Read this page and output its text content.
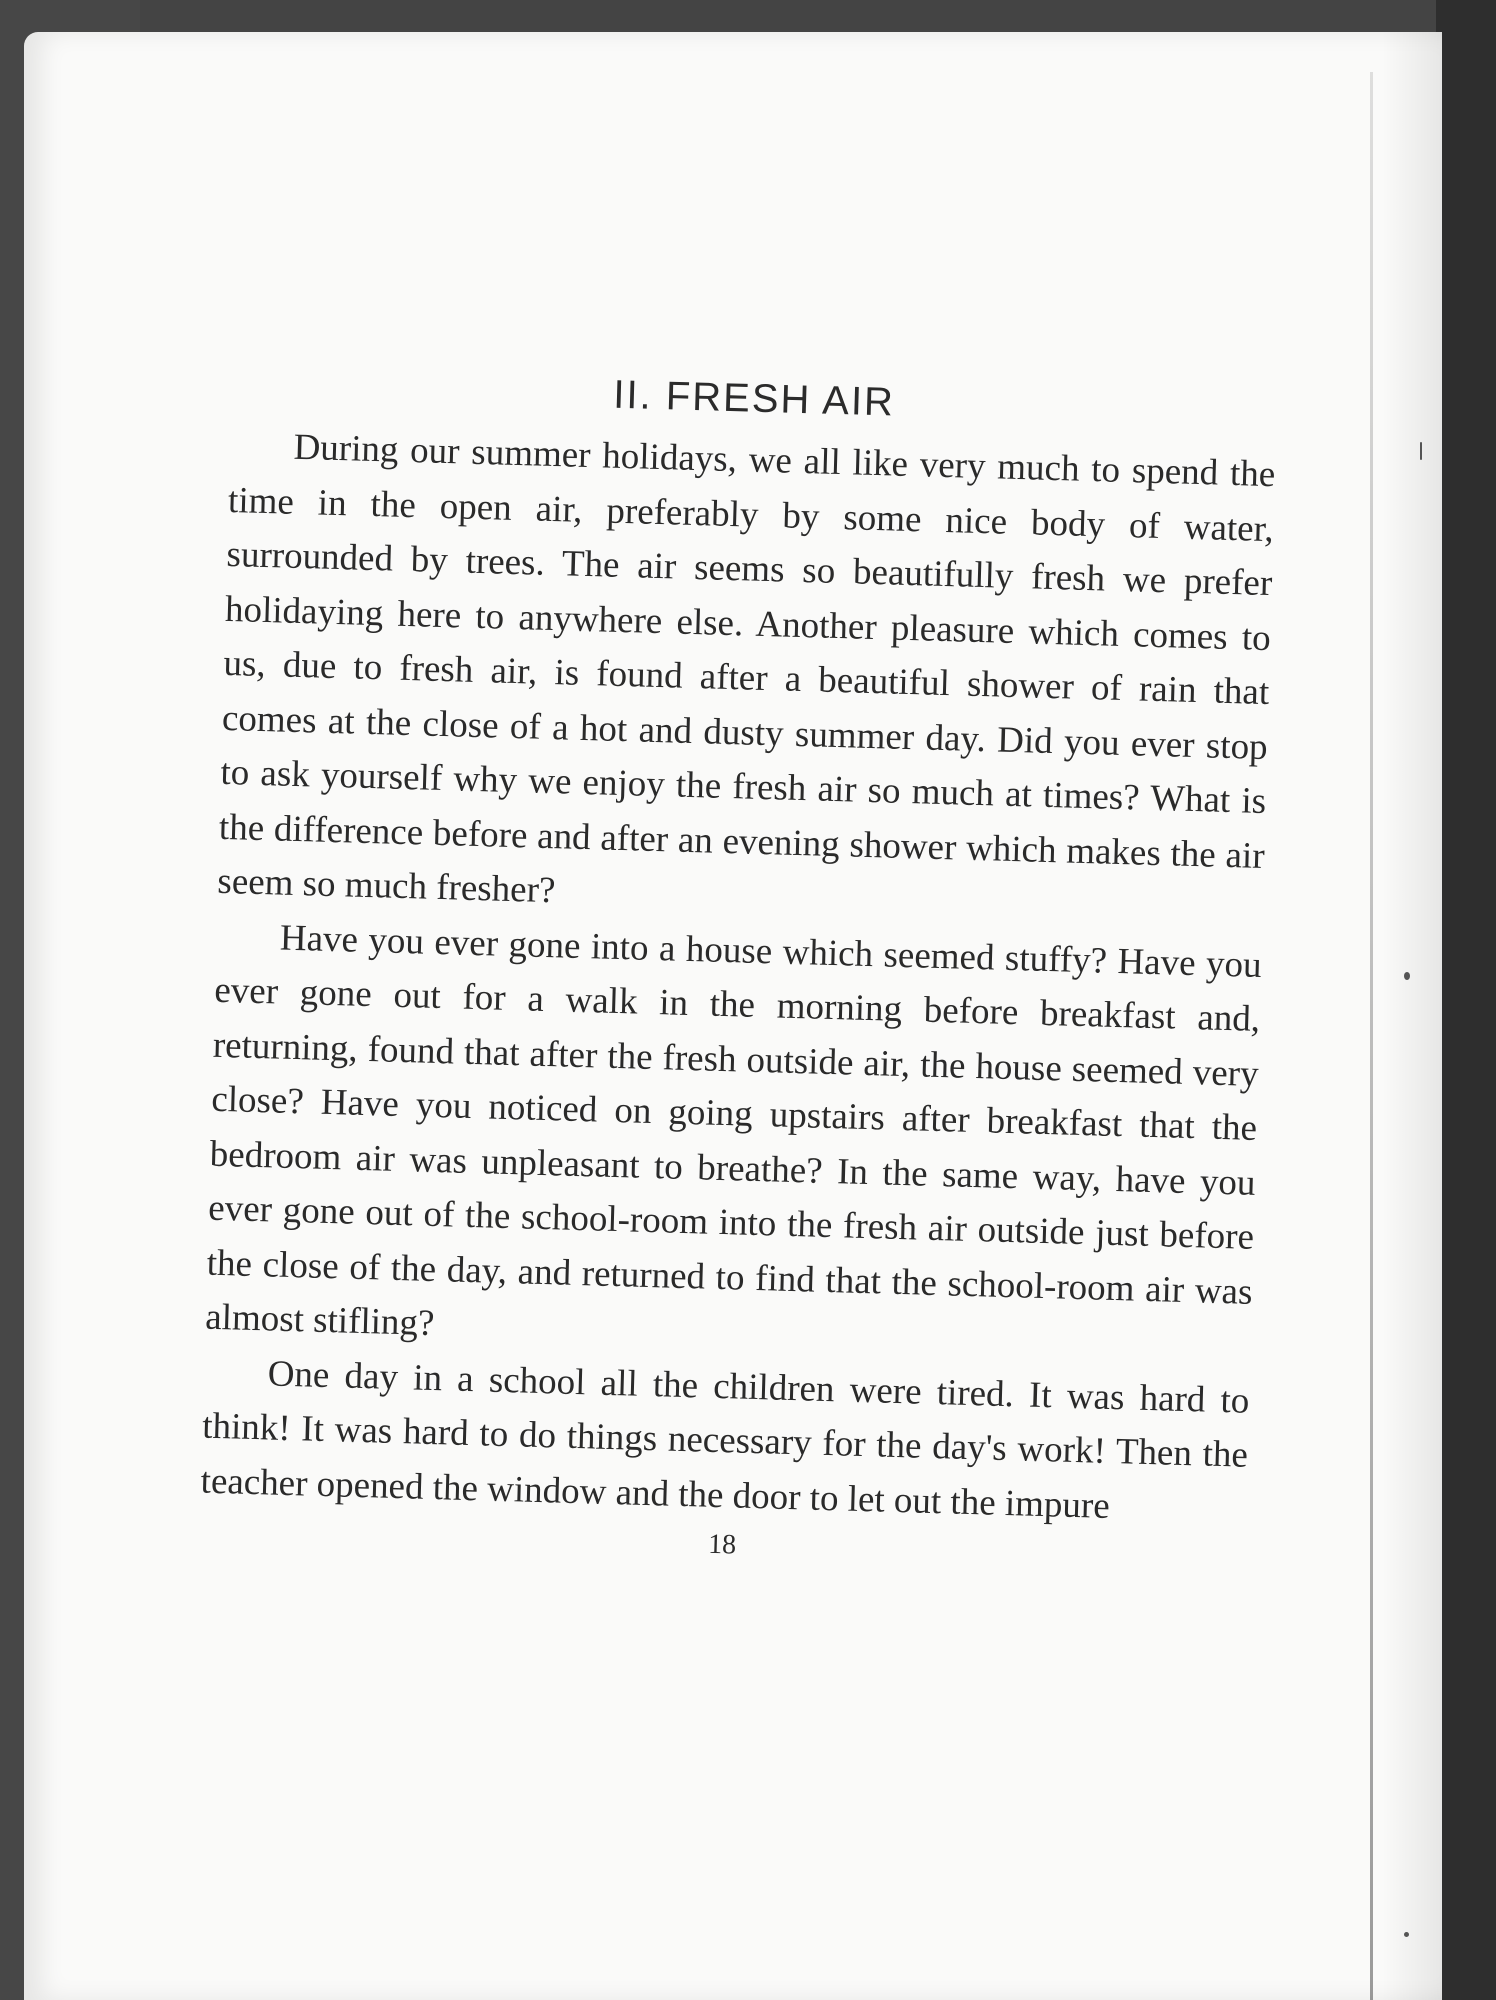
II. FRESH AIR

During our summer holidays, we all like very much to spend the time in the open air, preferably by some nice body of water, surrounded by trees. The air seems so beautifully fresh we prefer holidaying here to anywhere else. Another pleasure which comes to us, due to fresh air, is found after a beautiful shower of rain that comes at the close of a hot and dusty summer day. Did you ever stop to ask yourself why we enjoy the fresh air so much at times? What is the difference before and after an evening shower which makes the air seem so much fresher?

Have you ever gone into a house which seemed stuffy? Have you ever gone out for a walk in the morning before breakfast and, returning, found that after the fresh outside air, the house seemed very close? Have you noticed on going upstairs after breakfast that the bedroom air was unpleasant to breathe? In the same way, have you ever gone out of the school-room into the fresh air outside just before the close of the day, and returned to find that the school-room air was almost stifling?

One day in a school all the children were tired. It was hard to think! It was hard to do things necessary for the day's work! Then the teacher opened the window and the door to let out the impure

18
